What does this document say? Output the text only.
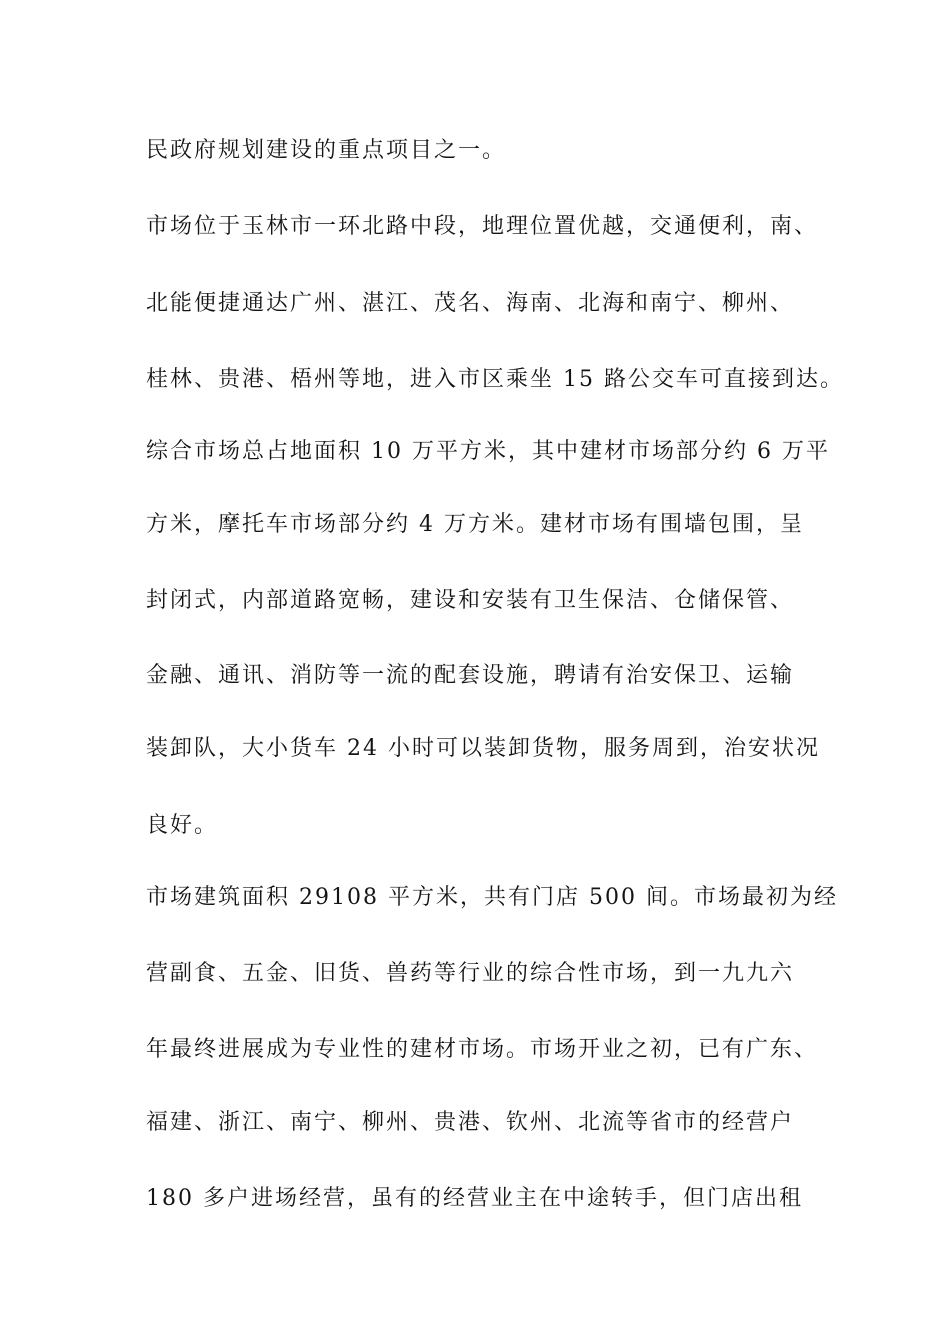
民政府规划建设的重点项目之一。
市场位于玉林市一环北路中段，地理位置优越，交通便利，南、
北能便捷通达广州、湛江、茂名、海南、北海和南宁、柳州、
桂林、贵港、梧州等地，进入市区乘坐 15 路公交车可直接到达。
综合市场总占地面积 10 万平方米，其中建材市场部分约 6 万平
方米，摩托车市场部分约 4 万方米。建材市场有围墙包围，呈
封闭式，内部道路宽畅，建设和安装有卫生保洁、仓储保管、
金融、通讯、消防等一流的配套设施，聘请有治安保卫、运输
装卸队，大小货车 24 小时可以装卸货物，服务周到，治安状况
良好。
市场建筑面积 29108 平方米，共有门店 500 间。市场最初为经
营副食、五金、旧货、兽药等行业的综合性市场，到一九九六
年最终进展成为专业性的建材市场。市场开业之初，已有广东、
福建、浙江、南宁、柳州、贵港、钦州、北流等省市的经营户
180 多户进场经营，虽有的经营业主在中途转手，但门店出租
